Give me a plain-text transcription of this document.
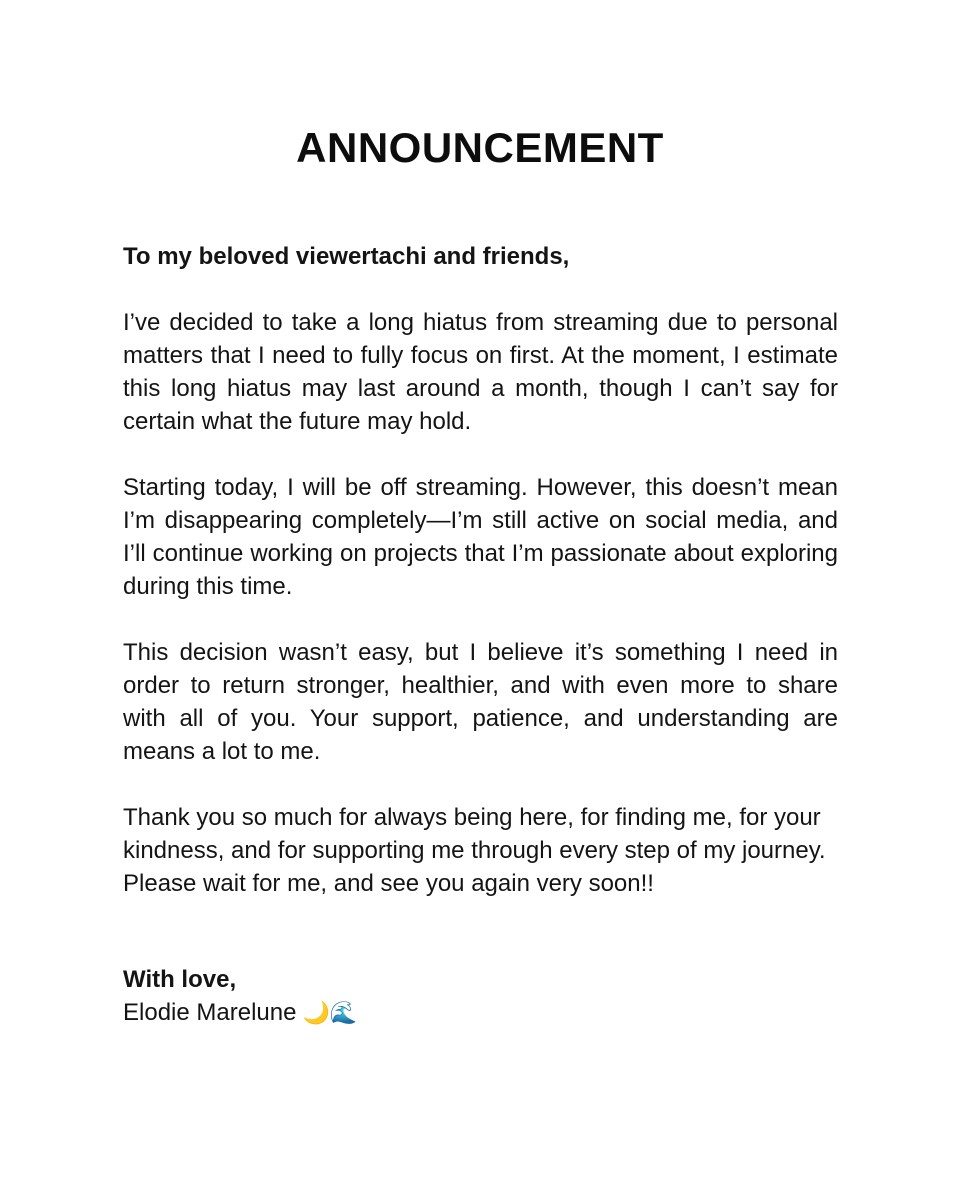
ANNOUNCEMENT

To my beloved viewertachi and friends,

I’ve decided to take a long hiatus from streaming due to personal matters that I need to fully focus on first. At the moment, I estimate this long hiatus may last around a month, though I can’t say for certain what the future may hold.

Starting today, I will be off streaming. However, this doesn’t mean I’m disappearing completely—I’m still active on social media, and I’ll continue working on projects that I’m passionate about exploring during this time.

This decision wasn’t easy, but I believe it’s something I need in order to return stronger, healthier, and with even more to share with all of you. Your support, patience, and understanding are means a lot to me.

Thank you so much for always being here, for finding me, for your kindness, and for supporting me through every step of my journey. Please wait for me, and see you again very soon!!

With love,
Elodie Marelune 🌙🌊
